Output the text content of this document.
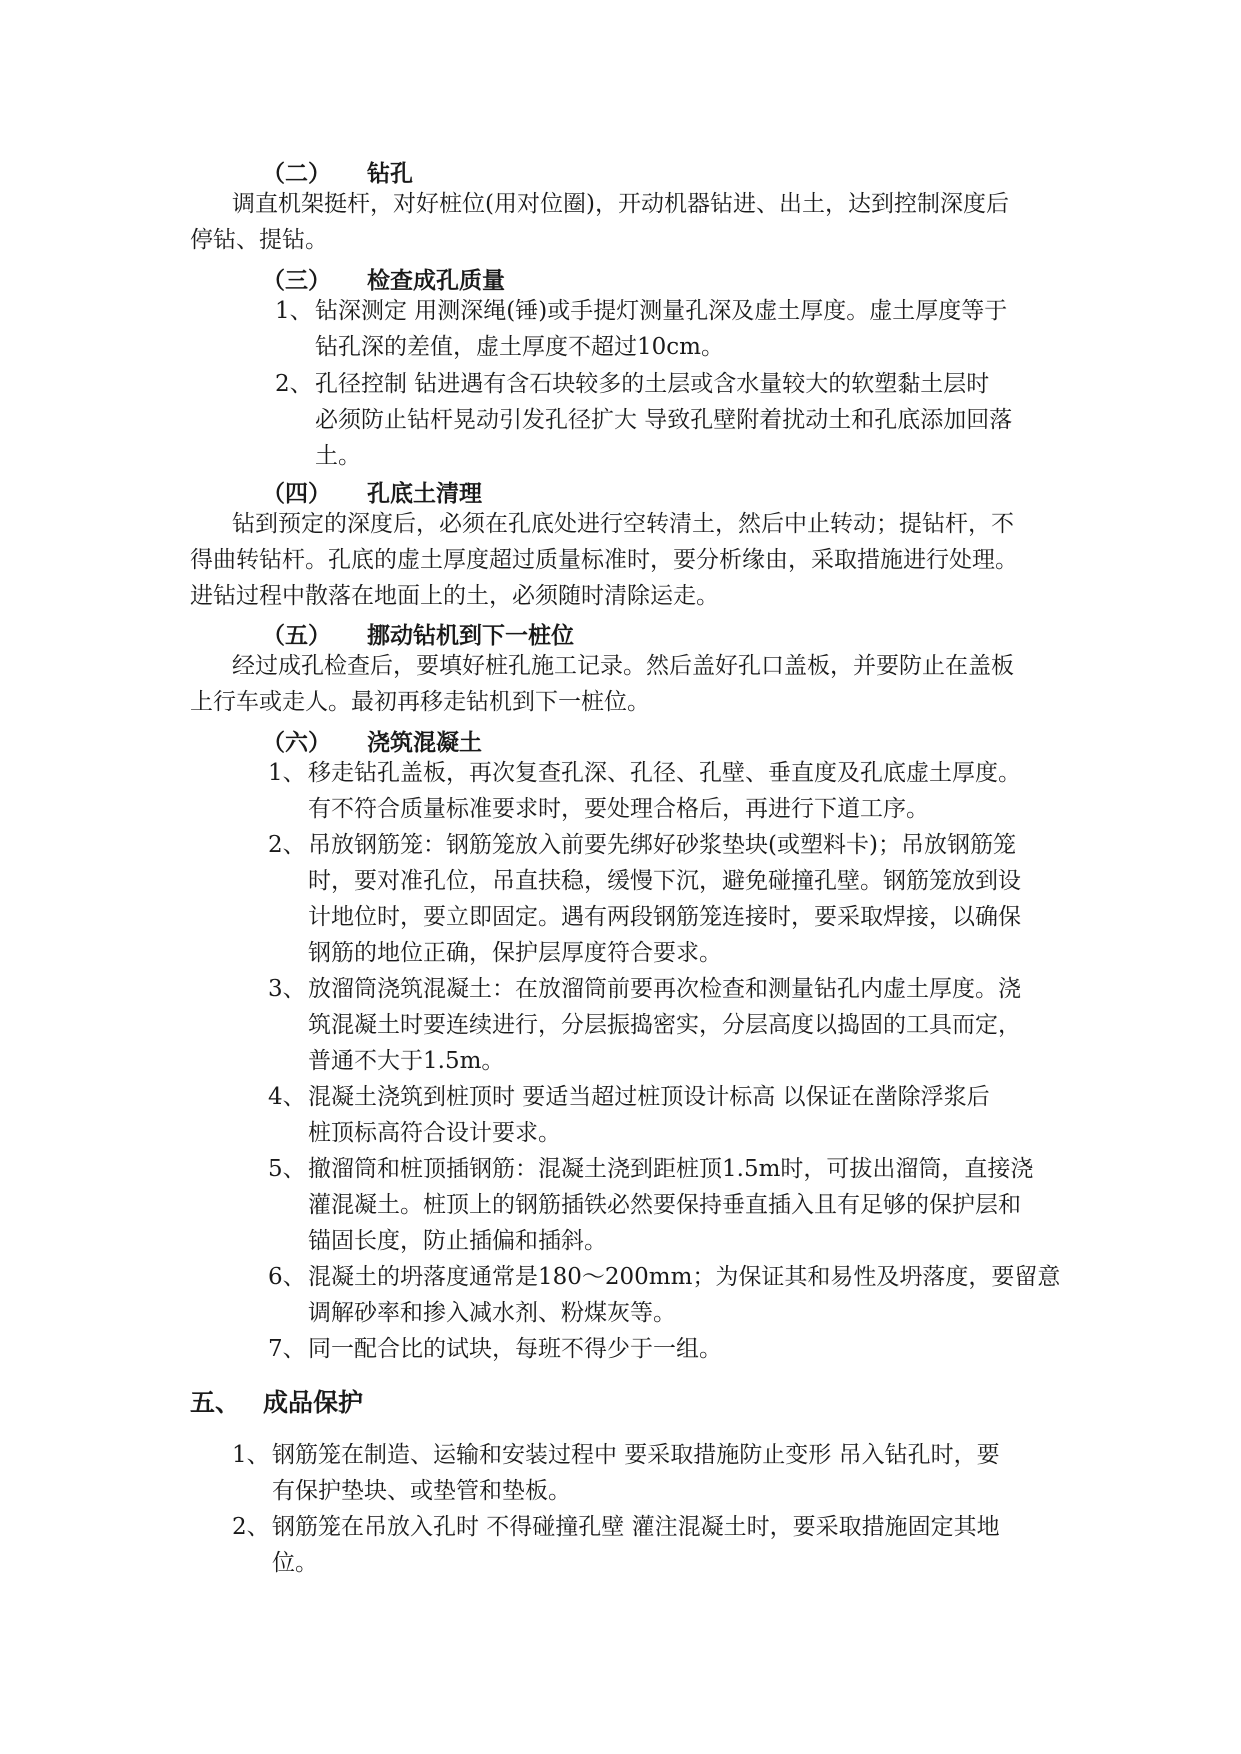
（二） 钻孔
调直机架挺杆，对好桩位(用对位圈)，开动机器钻进、出土，达到控制深度后
停钻、提钻。
（三） 检查成孔质量
1、 钻深测定 用测深绳(锤)或手提灯测量孔深及虚土厚度。虚土厚度等于
钻孔深的差值，虚土厚度不超过10cm。
2、 孔径控制 钻进遇有含石块较多的土层或含水量较大的软塑黏土层时
必须防止钻杆晃动引发孔径扩大 导致孔壁附着扰动土和孔底添加回落
土。
（四） 孔底土清理
钻到预定的深度后，必须在孔底处进行空转清土，然后中止转动；提钻杆，不
得曲转钻杆。孔底的虚土厚度超过质量标准时，要分析缘由，采取措施进行处理。
进钻过程中散落在地面上的土，必须随时清除运走。
（五） 挪动钻机到下一桩位
经过成孔检查后，要填好桩孔施工记录。然后盖好孔口盖板，并要防止在盖板
上行车或走人。最初再移走钻机到下一桩位。
（六） 浇筑混凝土
1、 移走钻孔盖板，再次复查孔深、孔径、孔壁、垂直度及孔底虚土厚度。
有不符合质量标准要求时，要处理合格后，再进行下道工序。
2、 吊放钢筋笼：钢筋笼放入前要先绑好砂浆垫块(或塑料卡)；吊放钢筋笼
时，要对准孔位，吊直扶稳，缓慢下沉，避免碰撞孔壁。钢筋笼放到设
计地位时，要立即固定。遇有两段钢筋笼连接时，要采取焊接，以确保
钢筋的地位正确，保护层厚度符合要求。
3、 放溜筒浇筑混凝土：在放溜筒前要再次检查和测量钻孔内虚土厚度。浇
筑混凝土时要连续进行，分层振捣密实，分层高度以捣固的工具而定，
普通不大于1.5m。
4、 混凝土浇筑到桩顶时 要适当超过桩顶设计标高 以保证在凿除浮浆后
桩顶标高符合设计要求。
5、 撤溜筒和桩顶插钢筋：混凝土浇到距桩顶1.5m时，可拔出溜筒，直接浇
灌混凝土。桩顶上的钢筋插铁必然要保持垂直插入且有足够的保护层和
锚固长度，防止插偏和插斜。
6、 混凝土的坍落度通常是180～200mm；为保证其和易性及坍落度，要留意
调解砂率和掺入减水剂、粉煤灰等。
7、 同一配合比的试块，每班不得少于一组。
五、 成品保护
1、 钢筋笼在制造、运输和安装过程中 要采取措施防止变形 吊入钻孔时，要
有保护垫块、或垫管和垫板。
2、 钢筋笼在吊放入孔时 不得碰撞孔壁 灌注混凝土时，要采取措施固定其地
位。
